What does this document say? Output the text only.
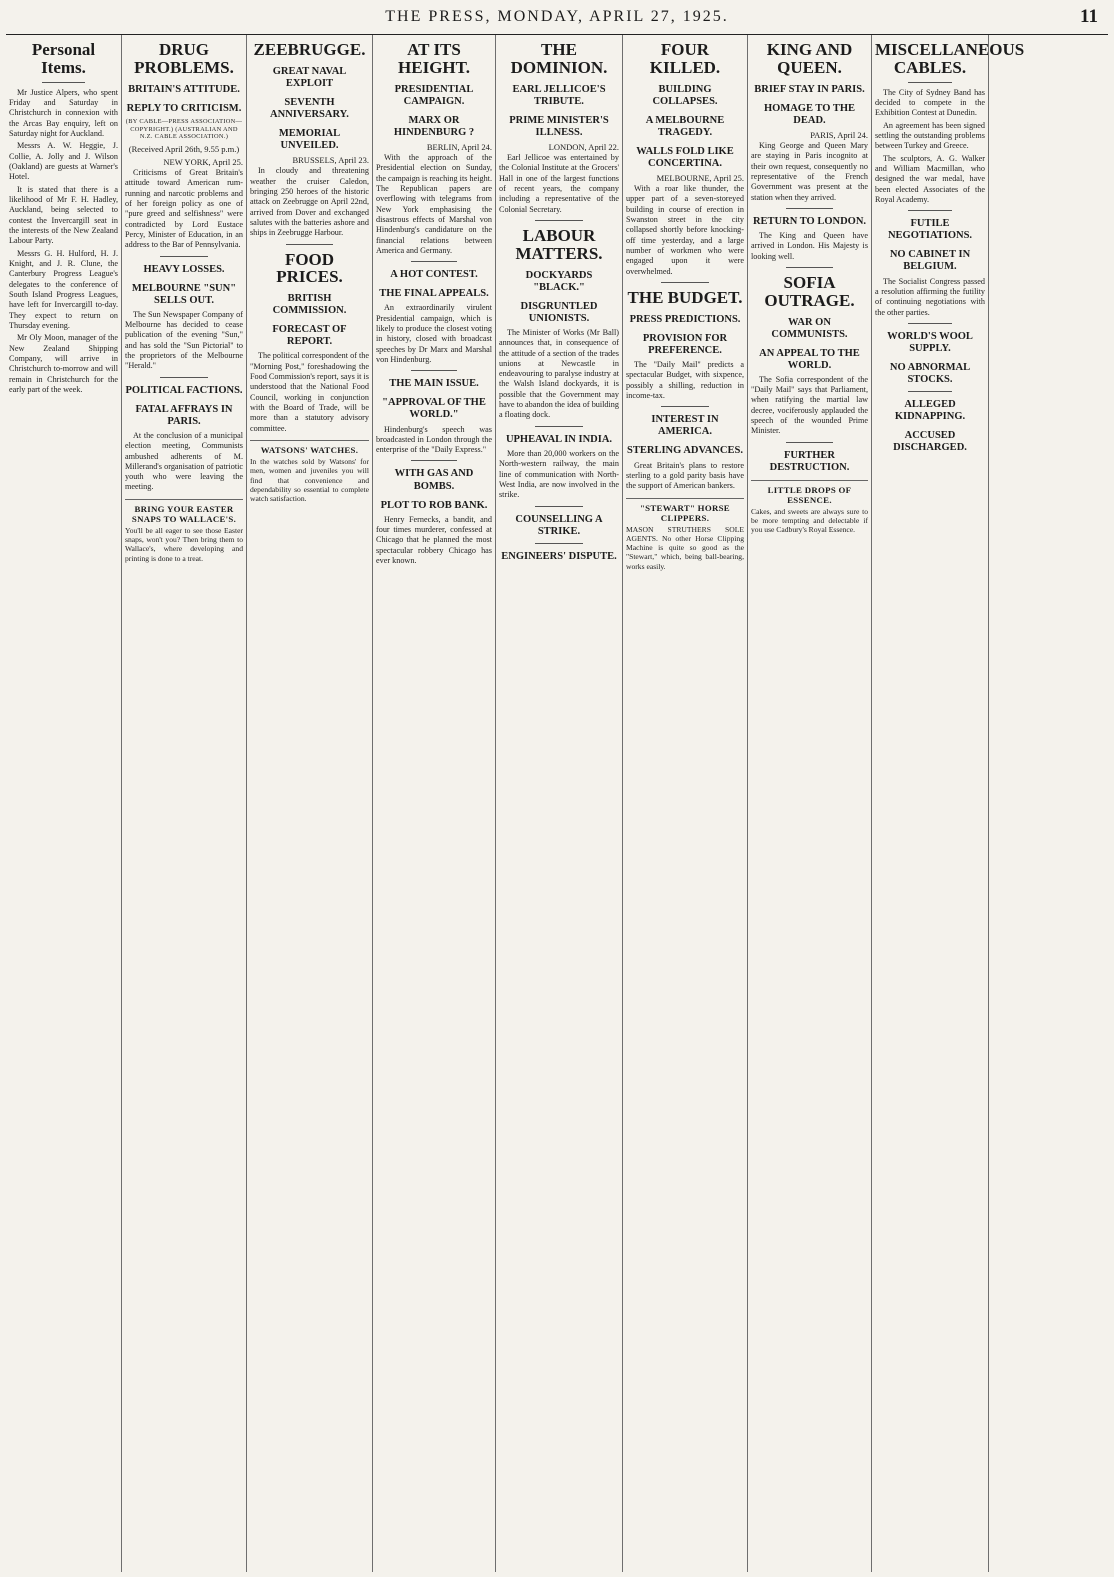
THE PRESS, MONDAY, APRIL 27, 1925.	11
Personal Items.

Mr Justice Alpers, who spent Friday and Saturday in Christchurch in connexion with the Arcas Bay enquiry, left on Saturday night for Auckland.

Messrs A. W. Heggie, J. Collie, A. Jolly and J. Wilson (Oakland) are guests at Warner's Hotel.

It is stated that there is a likelihood of Mr F. H. Hadley, Auckland, being selected to contest the Invercargill seat in the interests of the New Zealand Labour Party.

Messrs G. H. Hulford, H. J. Knight, and J. R. Clune, the Canterbury Progress League's delegates to the conference of South Island Progress Leagues, have left for Invercargill to-day. They expect to return on Thursday evening.

Mr Oly Moon, manager of the New Zealand Shipping Company, will arrive in Christchurch to-morrow and will remain in Christchurch for the early part of the week.

DRUG PROBLEMS.
BRITAIN'S ATTITUDE.
REPLY TO CRITICISM.
(BY CABLE—PRESS ASSOCIATION—COPYRIGHT.) (AUSTRALIAN AND N.Z. CABLE ASSOCIATION.)
(Received April 26th, 9.55 p.m.)
NEW YORK, April 25.

Criticisms of Great Britain's attitude toward American rum-running and narcotic problems and of her foreign policy as one of "pure greed and selfishness" were contradicted by Lord Eustace Percy, Minister of Education, in an address to the Bar of Pennsylvania.

HEAVY LOSSES.
MELBOURNE "SUN" SELLS OUT.

The Sun Newspaper Company of Melbourne has decided to cease publication of the evening "Sun," and has sold the "Sun Pictorial" to the proprietors of the Melbourne "Herald."

POLITICAL FACTIONS.
FATAL AFFRAYS IN PARIS.

At the conclusion of a municipal election meeting, Communists ambushed adherents of M. Millerand's organisation of patriotic youth who were leaving the meeting.

BRING YOUR EASTER SNAPS TO WALLACE'S.
You'll be all eager to see those Easter snaps, won't you? Then bring them to Wallace's, where developing and printing is done to a treat.
ZEEBRUGGE.
GREAT NAVAL EXPLOIT
SEVENTH ANNIVERSARY.
MEMORIAL UNVEILED.
BRUSSELS, April 23.

In cloudy and threatening weather the cruiser Caledon, bringing 250 heroes of the historic attack on Zeebrugge on April 22nd, arrived from Dover and exchanged salutes with the batteries ashore and ships in Zeebrugge Harbour.

FOOD PRICES.
BRITISH COMMISSION.
FORECAST OF REPORT.

The political correspondent of the "Morning Post," foreshadowing the Food Commission's report, says it is understood that the National Food Council, working in conjunction with the Board of Trade, will be more than a statutory advisory committee.

WATSONS' WATCHES.
In the watches sold by Watsons' for men, women and juveniles you will find that convenience and dependability so essential to complete watch satisfaction.
AT ITS HEIGHT.
PRESIDENTIAL CAMPAIGN.
MARX OR HINDENBURG ?
BERLIN, April 24.

With the approach of the Presidential election on Sunday, the campaign is reaching its height. The Republican papers are overflowing with telegrams from New York emphasising the disastrous effects of Marshal von Hindenburg's candidature on the financial relations between America and Germany.

A HOT CONTEST.
THE FINAL APPEALS.

An extraordinarily virulent Presidential campaign, which is likely to produce the closest voting in history, closed with broadcast speeches by Dr Marx and Marshal von Hindenburg.

THE MAIN ISSUE.
"APPROVAL OF THE WORLD."

Hindenburg's speech was broadcasted in London through the enterprise of the "Daily Express."

WITH GAS AND BOMBS.
PLOT TO ROB BANK.

Henry Fernecks, a bandit, and four times murderer, confessed at Chicago that he planned the most spectacular robbery Chicago has ever known.

THE DOMINION.
EARL JELLICOE'S TRIBUTE.
PRIME MINISTER'S ILLNESS.
LONDON, April 22.

Earl Jellicoe was entertained by the Colonial Institute at the Grocers' Hall in one of the largest functions of recent years, the company including a representative of the Colonial Secretary.

LABOUR MATTERS.
DOCKYARDS "BLACK."
DISGRUNTLED UNIONISTS.

The Minister of Works (Mr Ball) announces that, in consequence of the attitude of a section of the trades unions at Newcastle in endeavouring to paralyse industry at the Walsh Island dockyards, it is possible that the Government may have to abandon the idea of building a floating dock.

UPHEAVAL IN INDIA.

More than 20,000 workers on the North-western railway, the main line of communication with North-West India, are now involved in the strike.

COUNSELLING A STRIKE.
ENGINEERS' DISPUTE.
FOUR KILLED.
BUILDING COLLAPSES.
A MELBOURNE TRAGEDY.
WALLS FOLD LIKE CONCERTINA.
MELBOURNE, April 25.

With a roar like thunder, the upper part of a seven-storeyed building in course of erection in Swanston street in the city collapsed shortly before knocking-off time yesterday, and a large number of workmen who were engaged upon it were overwhelmed.

THE BUDGET.
PRESS PREDICTIONS.
PROVISION FOR PREFERENCE.

The "Daily Mail" predicts a spectacular Budget, with sixpence, possibly a shilling, reduction in income-tax.

INTEREST IN AMERICA.
STERLING ADVANCES.

Great Britain's plans to restore sterling to a gold parity basis have the support of American bankers.

"STEWART" HORSE CLIPPERS.
MASON STRUTHERS SOLE AGENTS. No other Horse Clipping Machine is quite so good as the "Stewart," which, being ball-bearing, works easily.
KING AND QUEEN.
BRIEF STAY IN PARIS.
HOMAGE TO THE DEAD.
PARIS, April 24.

King George and Queen Mary are staying in Paris incognito at their own request, consequently no representative of the French Government was present at the station when they arrived.

RETURN TO LONDON.

The King and Queen have arrived in London. His Majesty is looking well.

SOFIA OUTRAGE.
WAR ON COMMUNISTS.
AN APPEAL TO THE WORLD.

The Sofia correspondent of the "Daily Mail" says that Parliament, when ratifying the martial law decree, vociferously applauded the speech of the wounded Prime Minister.

FURTHER DESTRUCTION.
LITTLE DROPS OF ESSENCE.
Cakes, and sweets are always sure to be more tempting and delectable if you use Cadbury's Royal Essence.
MISCELLANEOUS CABLES.

The City of Sydney Band has decided to compete in the Exhibition Contest at Dunedin.

An agreement has been signed settling the outstanding problems between Turkey and Greece.

The sculptors, A. G. Walker and William Macmillan, who designed the war medal, have been elected Associates of the Royal Academy.

FUTILE NEGOTIATIONS.
NO CABINET IN BELGIUM.

The Socialist Congress passed a resolution affirming the futility of continuing negotiations with the other parties.

WORLD'S WOOL SUPPLY.
NO ABNORMAL STOCKS.
ALLEGED KIDNAPPING.
ACCUSED DISCHARGED.
